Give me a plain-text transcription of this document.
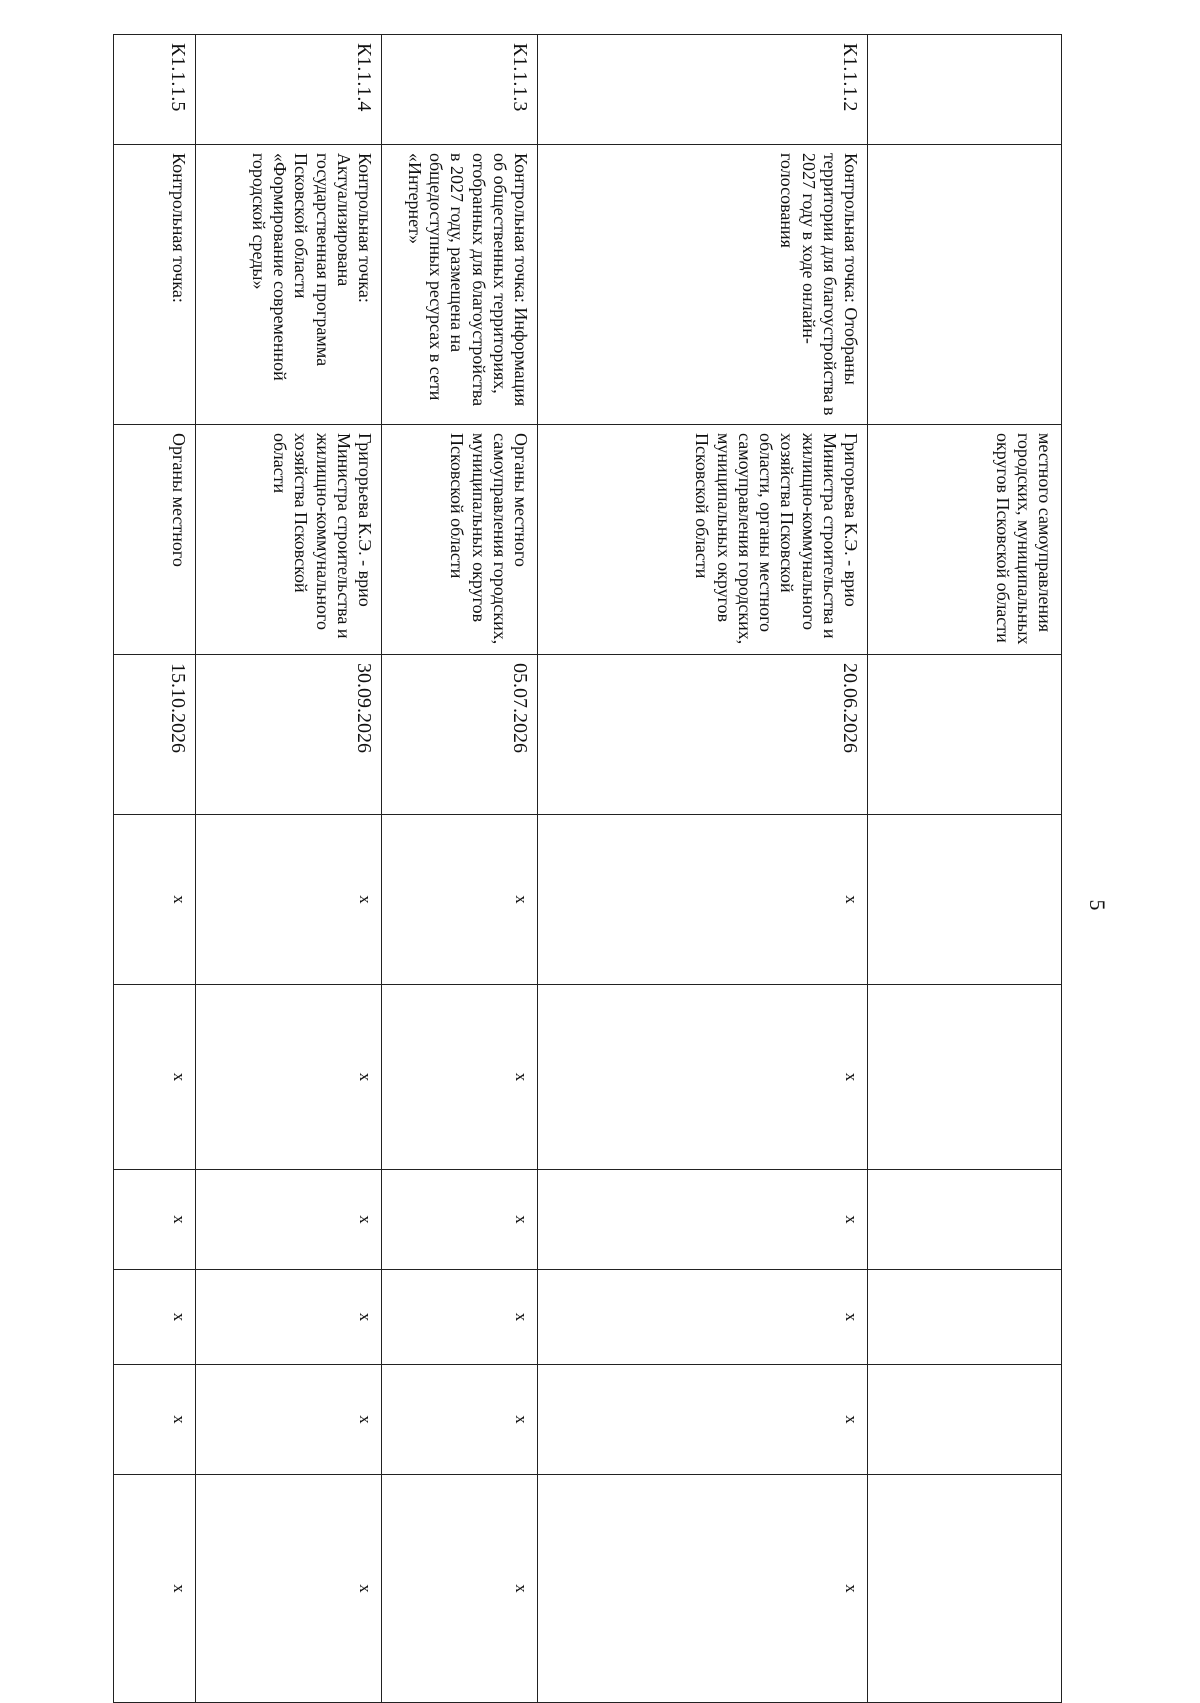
5
		местного самоуправления городских, муниципальных округов Псковской области							
К1.1.1.2	Контрольная точка: Отобраны территории для благоустройства в 2027 году в ходе онлайн-голосования	Григорьева К.Э. - врио Министра строительства и жилищно-коммунального хозяйства Псковской области, органы местного самоуправления городских, муниципальных округов Псковской области	20.06.2026	х	х	х	х	х	х
К1.1.1.3	Контрольная точка: Информация об общественных территориях, отобранных для благоустройства в 2027 году, размещена на общедоступных ресурсах в сети «Интернет»	Органы местного самоуправления городских, муниципальных округов Псковской области	05.07.2026	х	х	х	х	х	х
К1.1.1.4	Контрольная точка: Актуализирована государственная программа Псковской области «Формирование современной городской среды»	Григорьева К.Э. - врио Министра строительства и жилищно-коммунального хозяйства Псковской области	30.09.2026	х	х	х	х	х	х
К1.1.1.5	Контрольная точка:	Органы местного	15.10.2026	х	х	х	х	х	х
